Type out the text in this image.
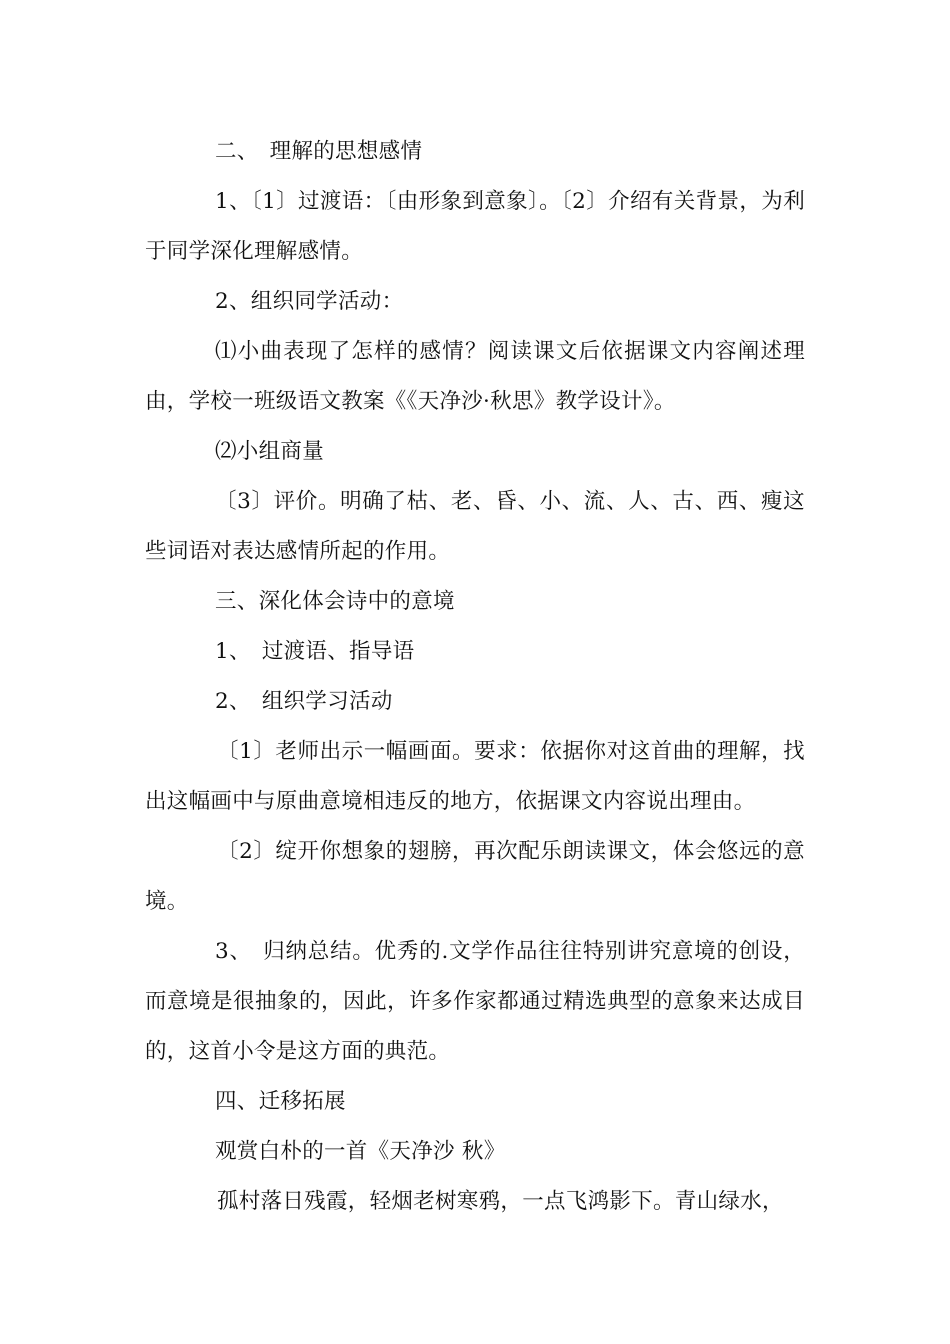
二、　理解的思想感情

1、〔1〕过渡语：〔由形象到意象〕。〔2〕介绍有关背景，为利于同学深化理解感情。

2、组织同学活动：

⑴小曲表现了怎样的感情？阅读课文后依据课文内容阐述理由，学校一班级语文教案《《天净沙·秋思》教学设计》。

⑵小组商量

〔3〕评价。明确了枯、老、昏、小、流、人、古、西、瘦这些词语对表达感情所起的作用。

三、深化体会诗中的意境

1、　过渡语、指导语

2、　组织学习活动

〔1〕老师出示一幅画面。要求：依据你对这首曲的理解，找出这幅画中与原曲意境相违反的地方，依据课文内容说出理由。

〔2〕绽开你想象的翅膀，再次配乐朗读课文，体会悠远的意境。

3、　归纳总结。优秀的.文学作品往往特别讲究意境的创设，而意境是很抽象的，因此，许多作家都通过精选典型的意象来达成目的，这首小令是这方面的典范。

四、迁移拓展

观赏白朴的一首《天净沙 秋》

孤村落日残霞，轻烟老树寒鸦，一点飞鸿影下。青山绿水，
